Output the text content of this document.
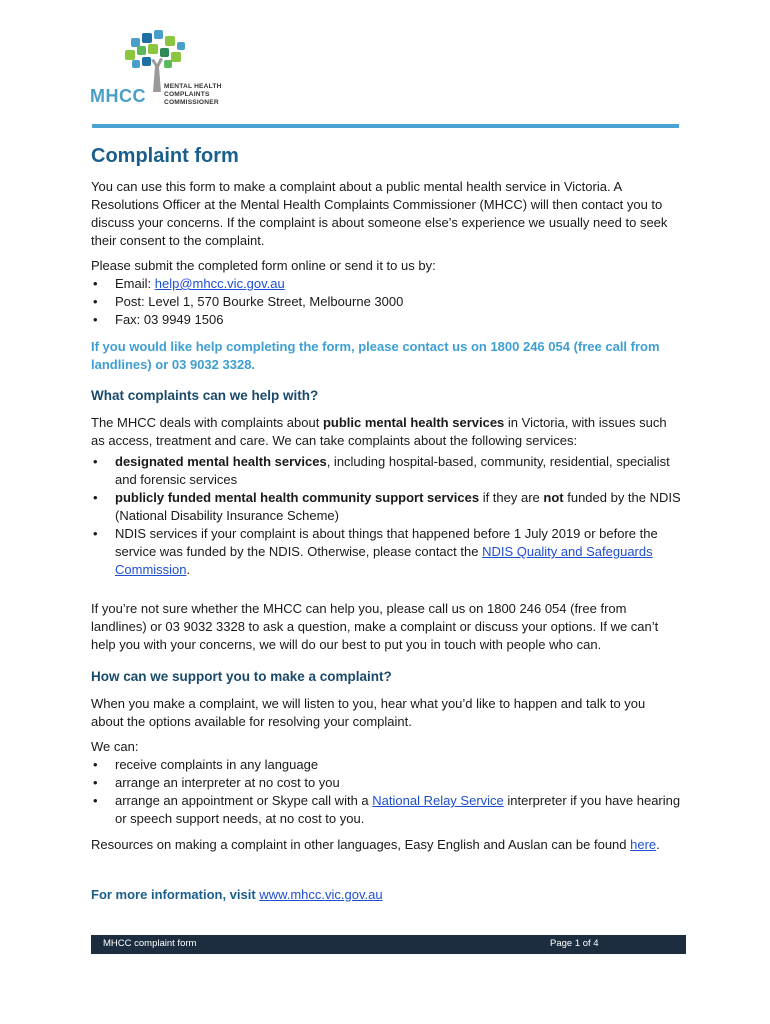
MHCC	MENTAL HEALTH
COMPLAINTS
COMMISSIONER
Complaint form

You can use this form to make a complaint about a public mental health service in Victoria. A Resolutions Officer at the Mental Health Complaints Commissioner (MHCC) will then contact you to discuss your concerns. If the complaint is about someone else’s experience we usually need to seek their consent to the complaint.

Please submit the completed form online or send it to us by:

• Email: help@mhcc.vic.gov.au
• Post: Level 1, 570 Bourke Street, Melbourne 3000
• Fax: 03 9949 1506

If you would like help completing the form, please contact us on 1800 246 054 (free call from landlines) or 03 9032 3328.

What complaints can we help with?

The MHCC deals with complaints about public mental health services in Victoria, with issues such as access, treatment and care. We can take complaints about the following services:

• designated mental health services, including hospital-based, community, residential, specialist and forensic services
• publicly funded mental health community support services if they are not funded by the NDIS (National Disability Insurance Scheme)
• NDIS services if your complaint is about things that happened before 1 July 2019 or before the service was funded by the NDIS. Otherwise, please contact the NDIS Quality and Safeguards Commission.

If you’re not sure whether the MHCC can help you, please call us on 1800 246 054 (free from landlines) or 03 9032 3328 to ask a question, make a complaint or discuss your options. If we can’t help you with your concerns, we will do our best to put you in touch with people who can.

How can we support you to make a complaint?

When you make a complaint, we will listen to you, hear what you’d like to happen and talk to you about the options available for resolving your complaint.

We can:

• receive complaints in any language
• arrange an interpreter at no cost to you
• arrange an appointment or Skype call with a National Relay Service interpreter if you have hearing or speech support needs, at no cost to you.

Resources on making a complaint in other languages, Easy English and Auslan can be found here.

For more information, visit www.mhcc.vic.gov.au

MHCC complaint form	Page 1 of 4
